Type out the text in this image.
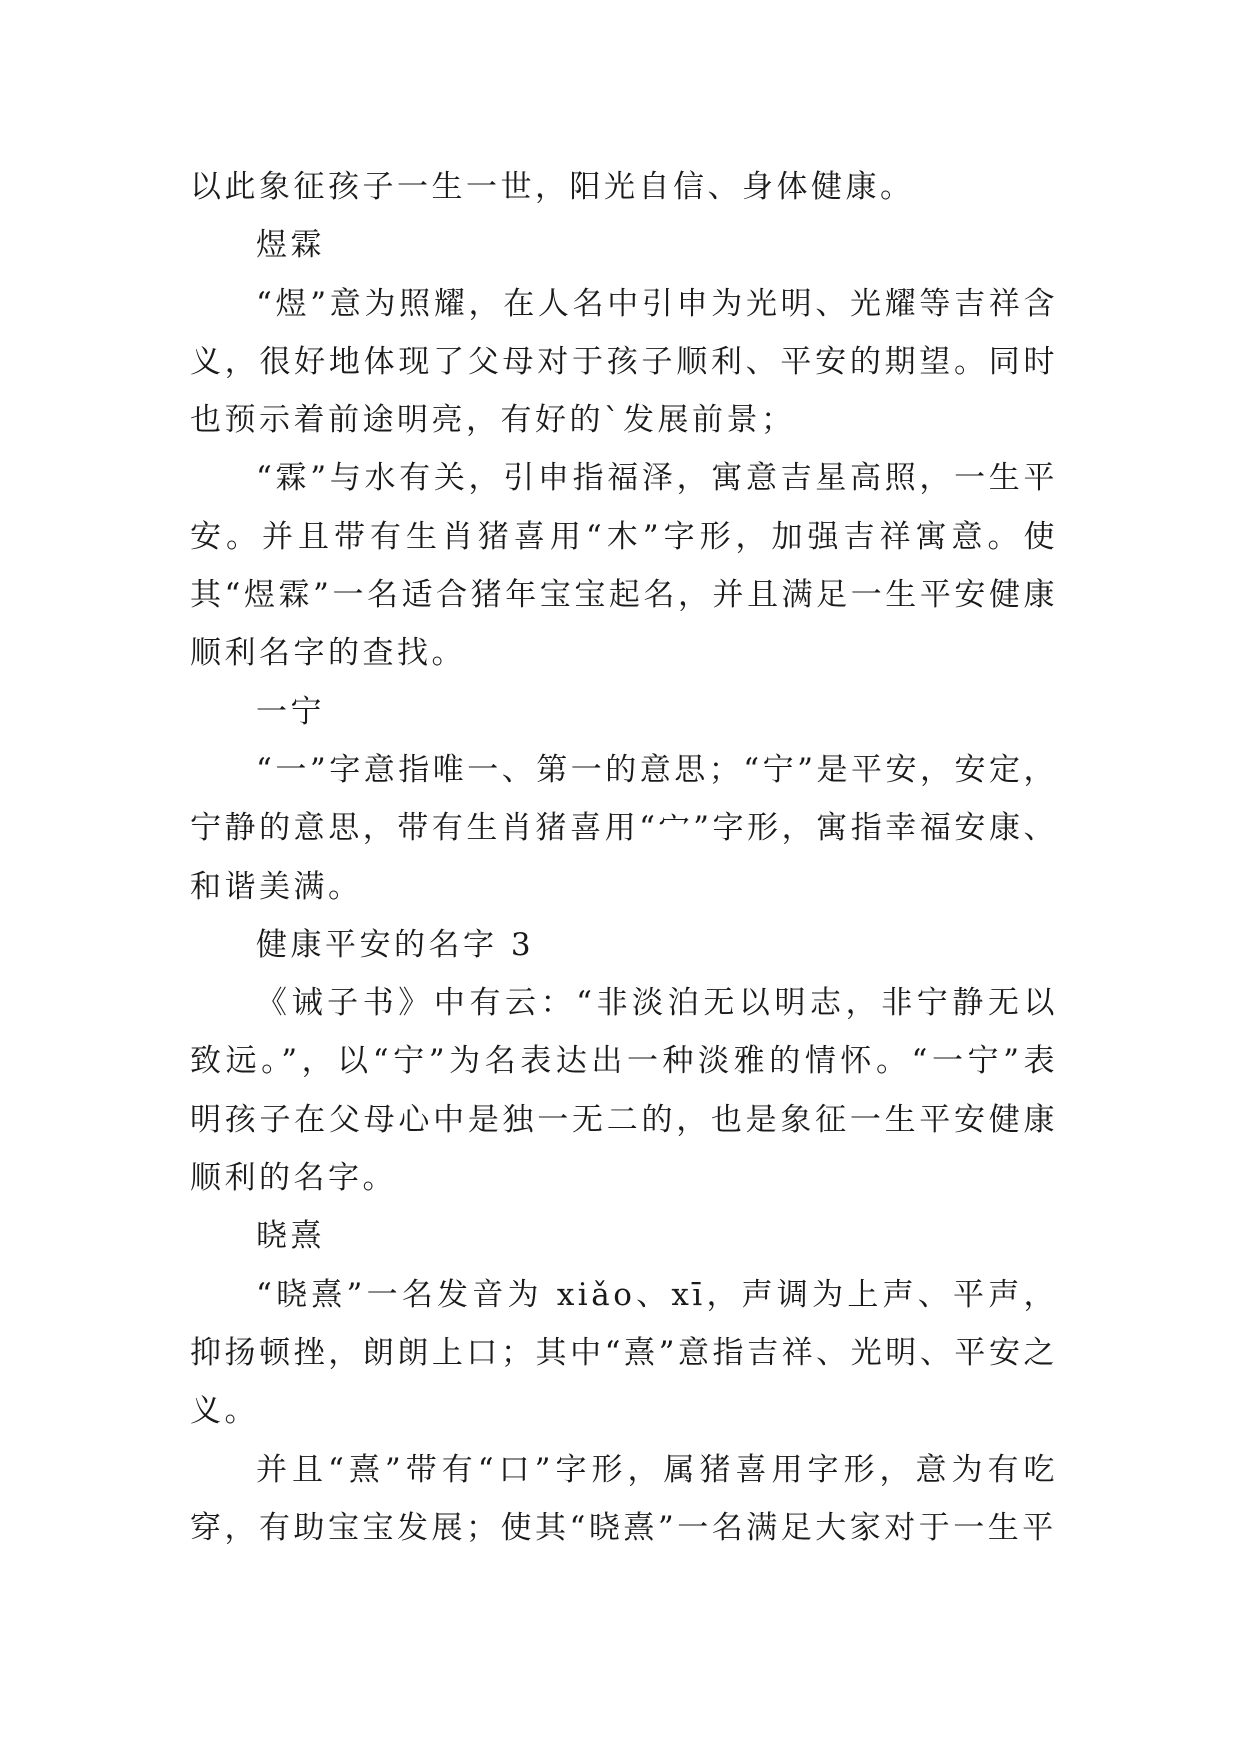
以此象征孩子一生一世，阳光自信、身体健康。

煜霖

“煜”意为照耀，在人名中引申为光明、光耀等吉祥含义，很好地体现了父母对于孩子顺利、平安的期望。同时也预示着前途明亮，有好的`发展前景；

“霖”与水有关，引申指福泽，寓意吉星高照，一生平安。并且带有生肖猪喜用“木”字形，加强吉祥寓意。使其“煜霖”一名适合猪年宝宝起名，并且满足一生平安健康顺利名字的查找。

一宁

“一”字意指唯一、第一的意思；“宁”是平安，安定，宁静的意思，带有生肖猪喜用“宀”字形，寓指幸福安康、和谐美满。

健康平安的名字 3

《诫子书》中有云：“非淡泊无以明志，非宁静无以致远。”，以“宁”为名表达出一种淡雅的情怀。“一宁”表明孩子在父母心中是独一无二的，也是象征一生平安健康顺利的名字。

晓熹

“晓熹”一名发音为 xiǎo、xī，声调为上声、平声，抑扬顿挫，朗朗上口；其中“熹”意指吉祥、光明、平安之义。

并且“熹”带有“口”字形，属猪喜用字形，意为有吃穿，有助宝宝发展；使其“晓熹”一名满足大家对于一生平
